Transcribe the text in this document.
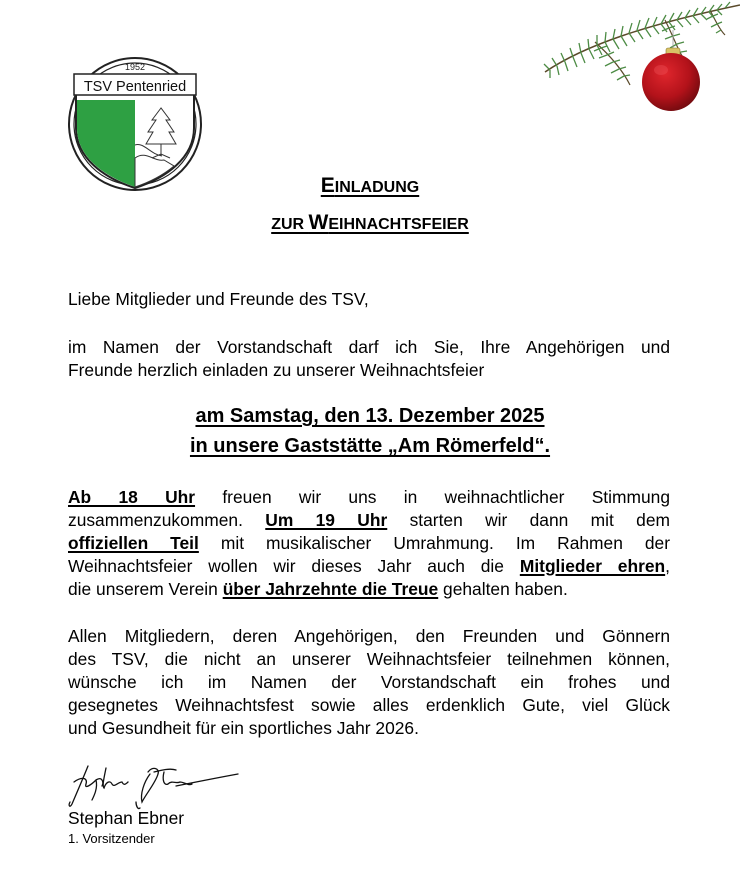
1952
TSV Pentenried
EINLADUNG
ZUR WEIHNACHTSFEIER
Liebe Mitglieder und Freunde des TSV,
im Namen der Vorstandschaft darf ich Sie, Ihre Angehörigen und
Freunde herzlich einladen zu unserer Weihnachtsfeier
am Samstag, den 13. Dezember 2025
in unsere Gaststätte „Am Römerfeld“.
Ab 18 Uhr freuen wir uns in weihnachtlicher Stimmung
zusammenzukommen. Um 19 Uhr starten wir dann mit dem
offiziellen Teil mit musikalischer Umrahmung. Im Rahmen der
Weihnachtsfeier wollen wir dieses Jahr auch die Mitglieder ehren,
die unserem Verein über Jahrzehnte die Treue gehalten haben.
Allen Mitgliedern, deren Angehörigen, den Freunden und Gönnern
des TSV, die nicht an unserer Weihnachtsfeier teilnehmen können,
wünsche ich im Namen der Vorstandschaft ein frohes und
gesegnetes Weihnachtsfest sowie alles erdenklich Gute, viel Glück
und Gesundheit für ein sportliches Jahr 2026.
Stephan Ebner
1. Vorsitzender
